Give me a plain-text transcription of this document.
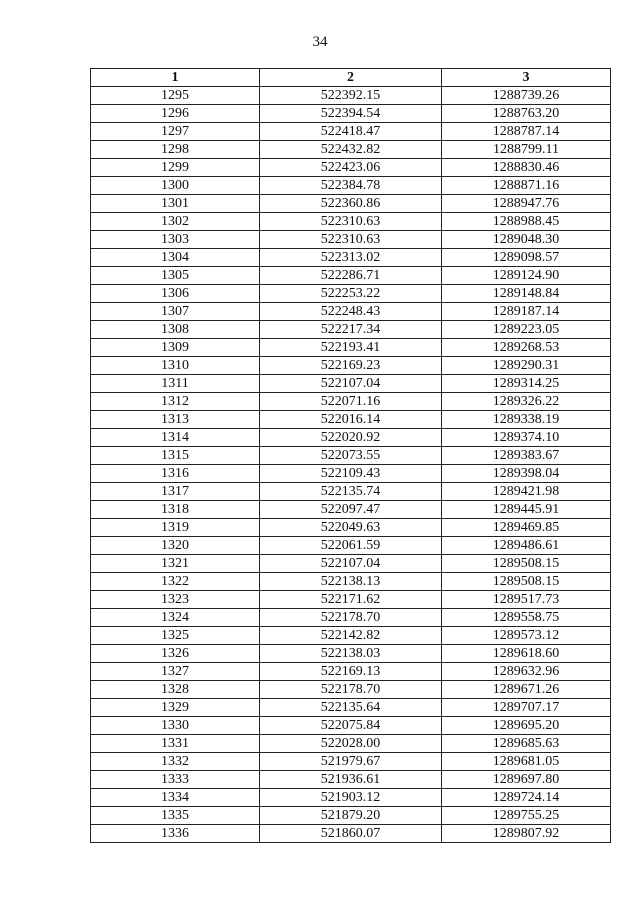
34
1	2	3
1295	522392.15	1288739.26
1296	522394.54	1288763.20
1297	522418.47	1288787.14
1298	522432.82	1288799.11
1299	522423.06	1288830.46
1300	522384.78	1288871.16
1301	522360.86	1288947.76
1302	522310.63	1288988.45
1303	522310.63	1289048.30
1304	522313.02	1289098.57
1305	522286.71	1289124.90
1306	522253.22	1289148.84
1307	522248.43	1289187.14
1308	522217.34	1289223.05
1309	522193.41	1289268.53
1310	522169.23	1289290.31
1311	522107.04	1289314.25
1312	522071.16	1289326.22
1313	522016.14	1289338.19
1314	522020.92	1289374.10
1315	522073.55	1289383.67
1316	522109.43	1289398.04
1317	522135.74	1289421.98
1318	522097.47	1289445.91
1319	522049.63	1289469.85
1320	522061.59	1289486.61
1321	522107.04	1289508.15
1322	522138.13	1289508.15
1323	522171.62	1289517.73
1324	522178.70	1289558.75
1325	522142.82	1289573.12
1326	522138.03	1289618.60
1327	522169.13	1289632.96
1328	522178.70	1289671.26
1329	522135.64	1289707.17
1330	522075.84	1289695.20
1331	522028.00	1289685.63
1332	521979.67	1289681.05
1333	521936.61	1289697.80
1334	521903.12	1289724.14
1335	521879.20	1289755.25
1336	521860.07	1289807.92
